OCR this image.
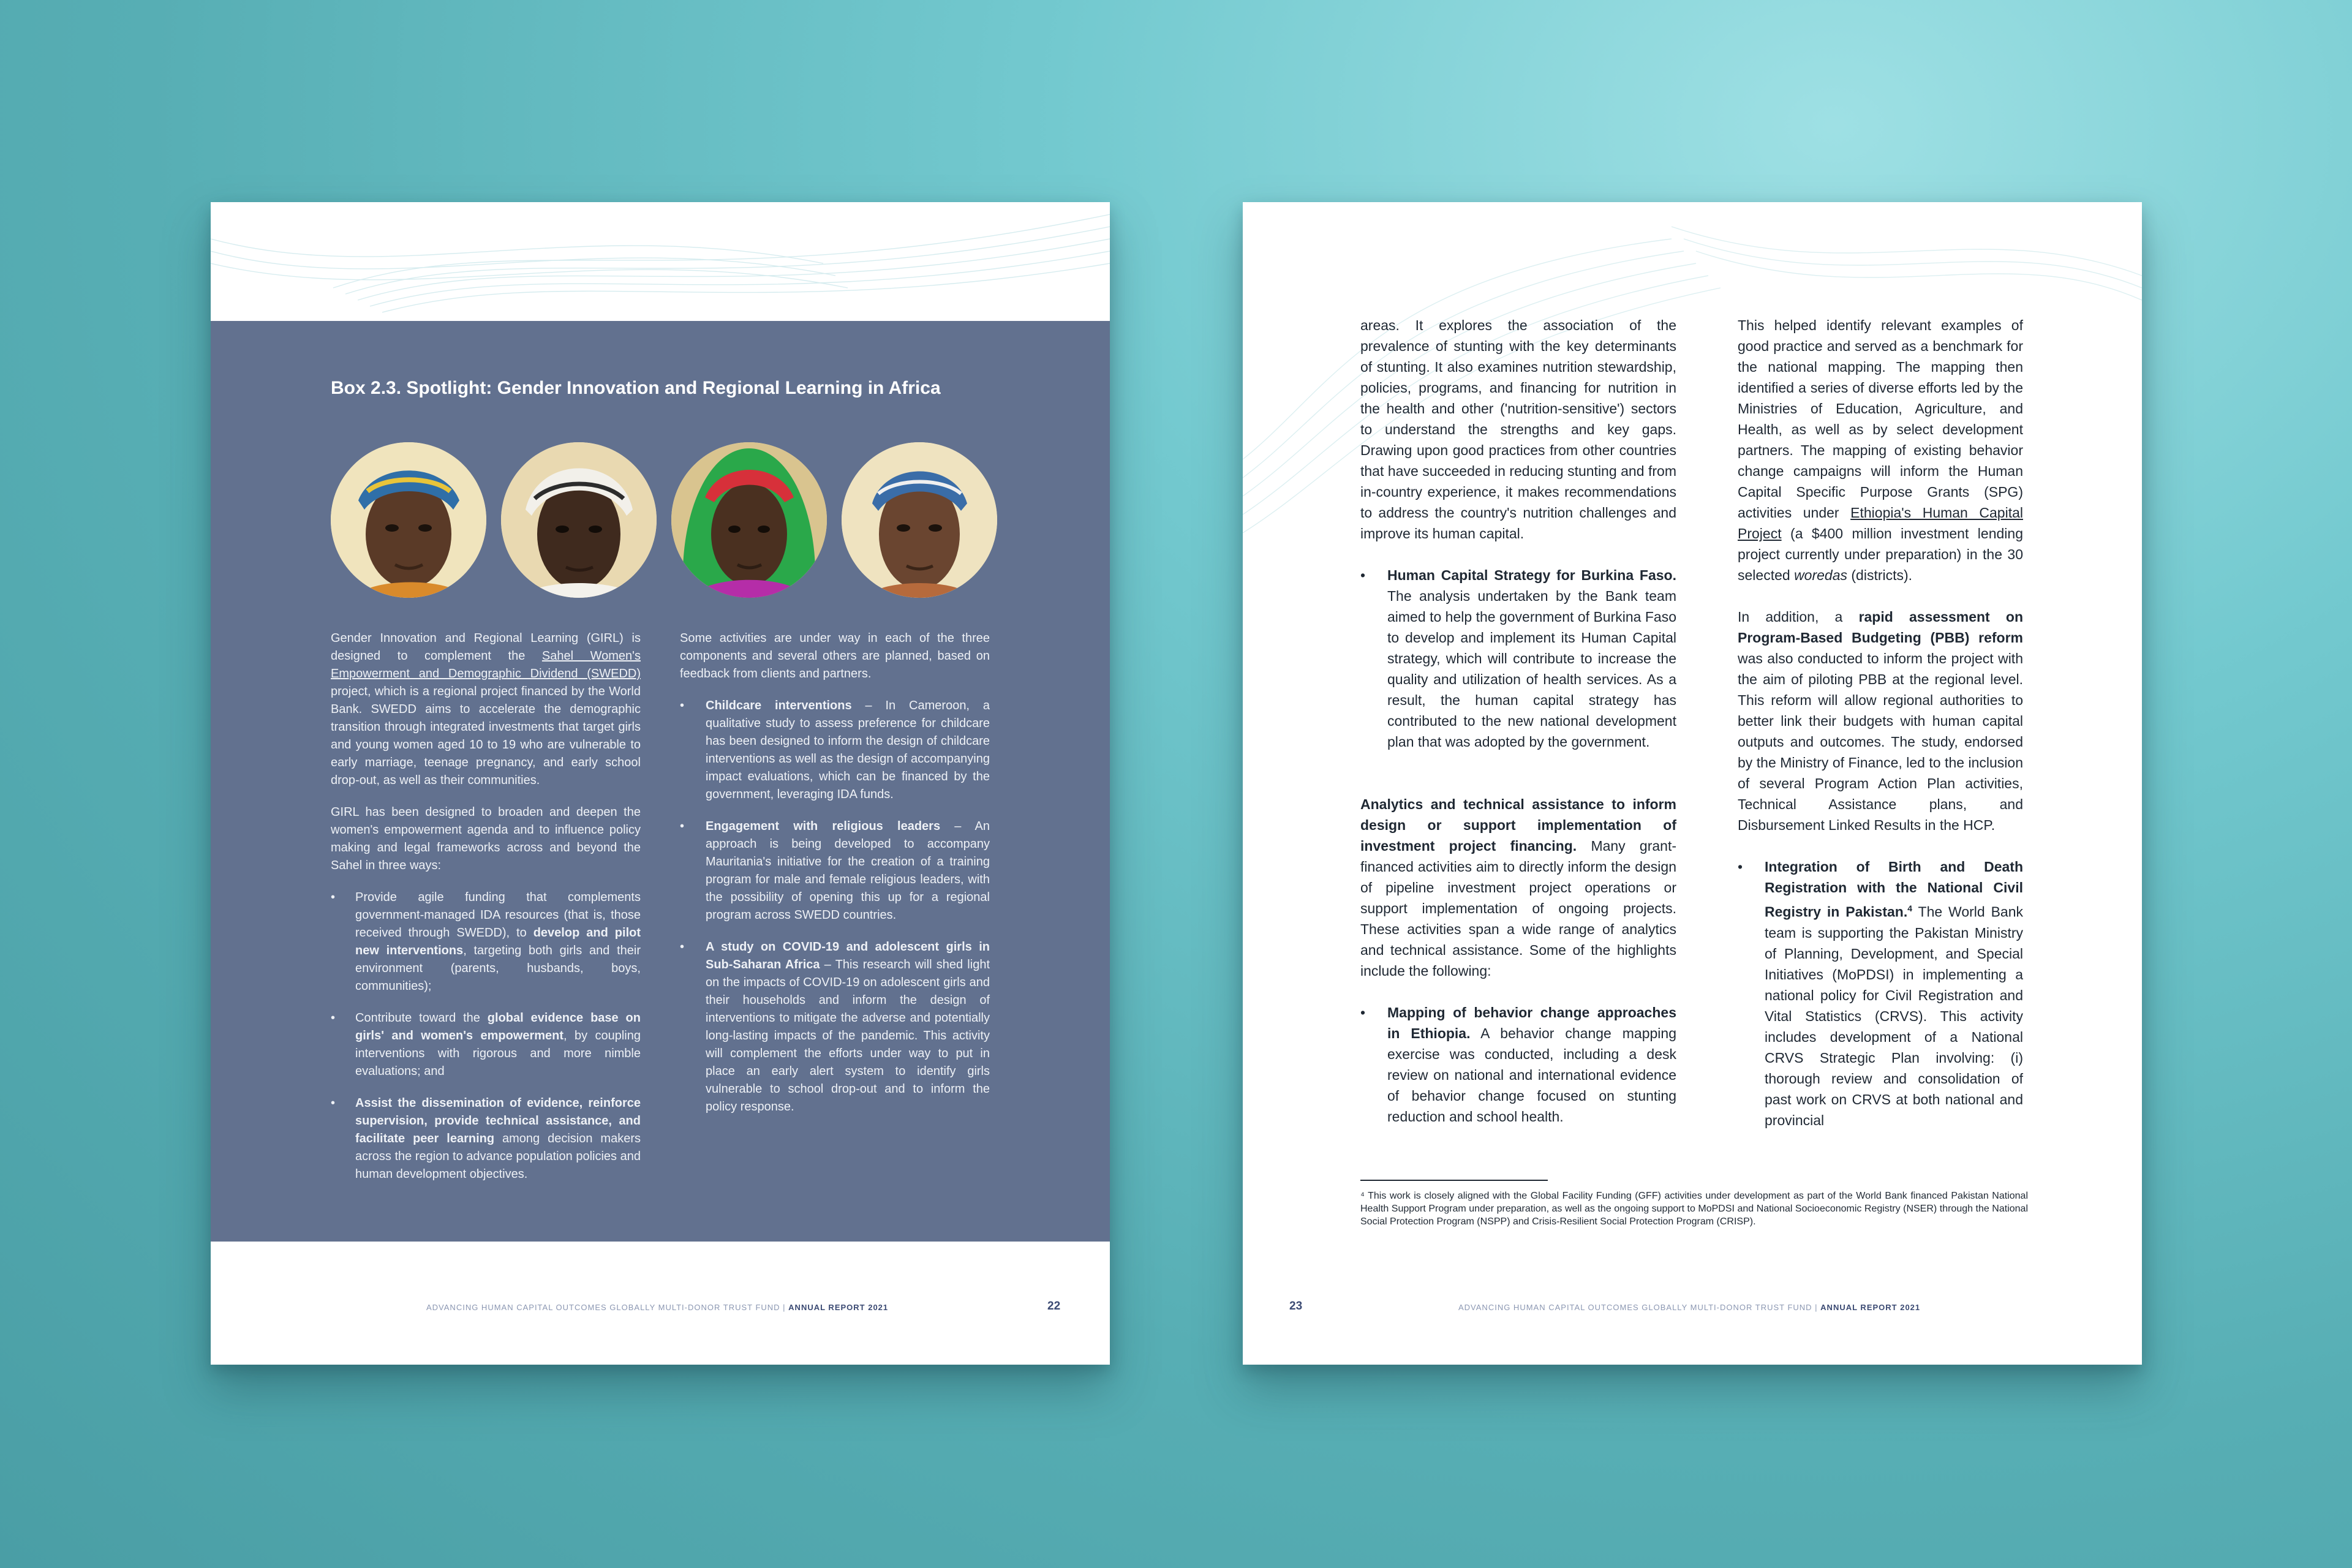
Box 2.3. Spotlight: Gender Innovation and Regional Learning in Africa

Gender Innovation and Regional Learning (GIRL) is designed to complement the Sahel Women's Empowerment and Demographic Dividend (SWEDD) project, which is a regional project financed by the World Bank. SWEDD aims to accelerate the demographic transition through integrated investments that target girls and young women aged 10 to 19 who are vulnerable to early marriage, teenage pregnancy, and early school drop-out, as well as their communities.

GIRL has been designed to broaden and deepen the women's empowerment agenda and to influence policy making and legal frameworks across and beyond the Sahel in three ways:

• Provide agile funding that complements government-managed IDA resources (that is, those received through SWEDD), to develop and pilot new interventions, targeting both girls and their environment (parents, husbands, boys, communities);
• Contribute toward the global evidence base on girls' and women's empowerment, by coupling interventions with rigorous and more nimble evaluations; and
• Assist the dissemination of evidence, reinforce supervision, provide technical assistance, and facilitate peer learning among decision makers across the region to advance population policies and human development objectives.

Some activities are under way in each of the three components and several others are planned, based on feedback from clients and partners.

• Childcare interventions – In Cameroon, a qualitative study to assess preference for childcare has been designed to inform the design of childcare interventions as well as the design of accompanying impact evaluations, which can be financed by the government, leveraging IDA funds.
• Engagement with religious leaders – An approach is being developed to accompany Mauritania's initiative for the creation of a training program for male and female religious leaders, with the possibility of opening this up for a regional program across SWEDD countries.
• A study on COVID-19 and adolescent girls in Sub-Saharan Africa – This research will shed light on the impacts of COVID-19 on adolescent girls and their households and inform the design of interventions to mitigate the adverse and potentially long-lasting impacts of the pandemic. This activity will complement the efforts under way to put in place an early alert system to identify girls vulnerable to school drop-out and to inform the policy response.
ADVANCING HUMAN CAPITAL OUTCOMES GLOBALLY MULTI-DONOR TRUST FUND | ANNUAL REPORT 2021	22

areas. It explores the association of the prevalence of stunting with the key determinants of stunting. It also examines nutrition stewardship, policies, programs, and financing for nutrition in the health and other ('nutrition-sensitive') sectors to understand the strengths and key gaps. Drawing upon good practices from other countries that have succeeded in reducing stunting and from in-country experience, it makes recommendations to address the country's nutrition challenges and improve its human capital.

• Human Capital Strategy for Burkina Faso. The analysis undertaken by the Bank team aimed to help the government of Burkina Faso to develop and implement its Human Capital strategy, which will contribute to increase the quality and utilization of health services. As a result, the human capital strategy has contributed to the new national development plan that was adopted by the government.

Analytics and technical assistance to inform design or support implementation of investment project financing. Many grant-financed activities aim to directly inform the design of pipeline investment project operations or support implementation of ongoing projects. These activities span a wide range of analytics and technical assistance. Some of the highlights include the following:

• Mapping of behavior change approaches in Ethiopia. A behavior change mapping exercise was conducted, including a desk review on national and international evidence of behavior change focused on stunting reduction and school health.

This helped identify relevant examples of good practice and served as a benchmark for the national mapping. The mapping then identified a series of diverse efforts led by the Ministries of Education, Agriculture, and Health, as well as by select development partners. The mapping of existing behavior change campaigns will inform the Human Capital Specific Purpose Grants (SPG) activities under Ethiopia's Human Capital Project (a $400 million investment lending project currently under preparation) in the 30 selected woredas (districts).

In addition, a rapid assessment on Program-Based Budgeting (PBB) reform was also conducted to inform the project with the aim of piloting PBB at the regional level. This reform will allow regional authorities to better link their budgets with human capital outputs and outcomes. The study, endorsed by the Ministry of Finance, led to the inclusion of several Program Action Plan activities, Technical Assistance plans, and Disbursement Linked Results in the HCP.

• Integration of Birth and Death Registration with the National Civil Registry in Pakistan.$^4$ The World Bank team is supporting the Pakistan Ministry of Planning, Development, and Special Initiatives (MoPDSI) in implementing a national policy for Civil Registration and Vital Statistics (CRVS). This activity includes development of a National CRVS Strategic Plan involving: (i) thorough review and consolidation of past work on CRVS at both national and provincial
⁴ This work is closely aligned with the Global Facility Funding (GFF) activities under development as part of the World Bank financed Pakistan National Health Support Program under preparation, as well as the ongoing support to MoPDSI and National Socioeconomic Registry (NSER) through the National Social Protection Program (NSPP) and Crisis-Resilient Social Protection Program (CRISP).
23	ADVANCING HUMAN CAPITAL OUTCOMES GLOBALLY MULTI-DONOR TRUST FUND | ANNUAL REPORT 2021
